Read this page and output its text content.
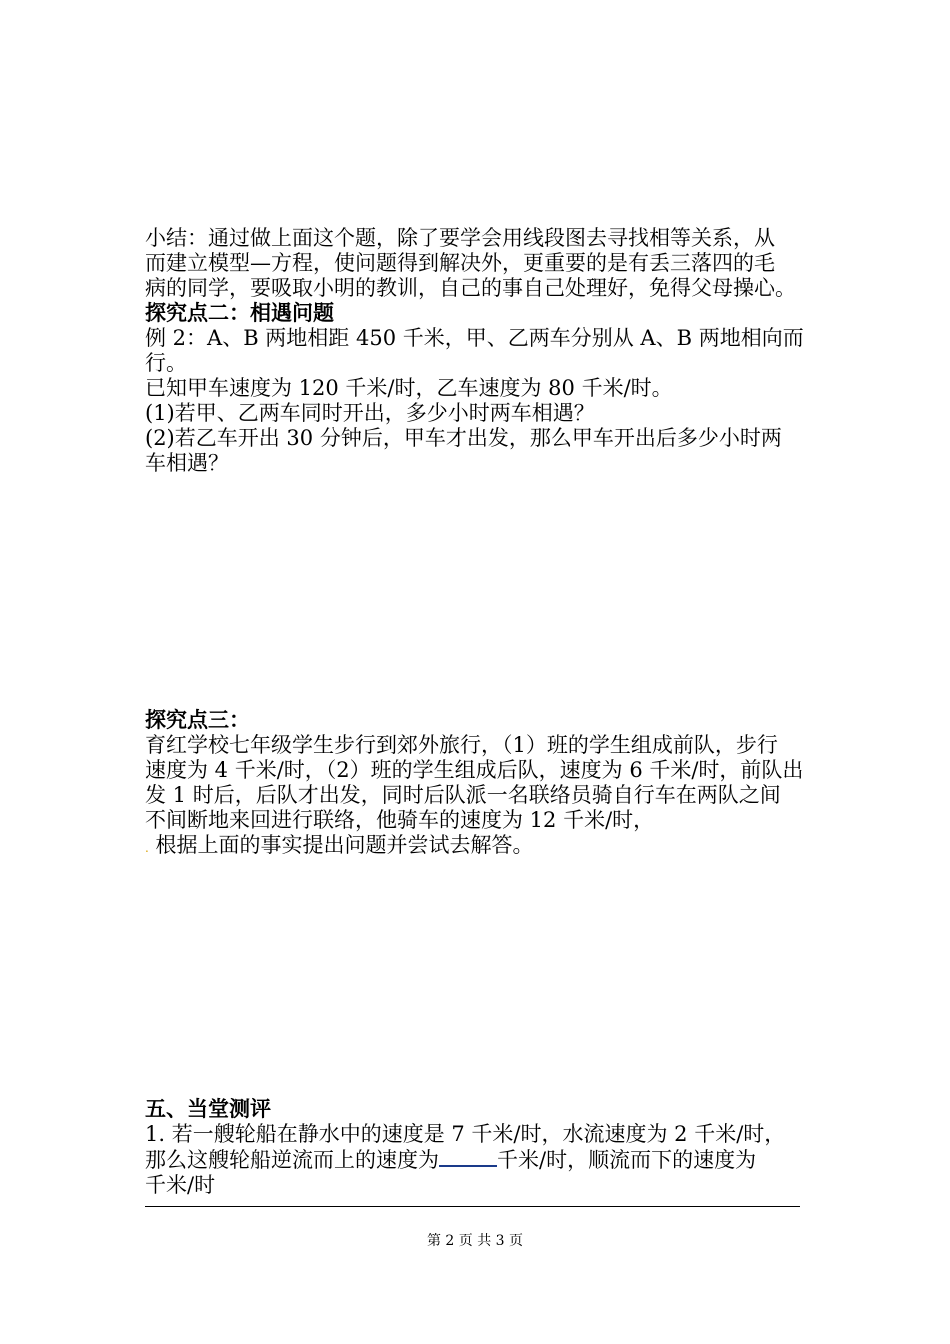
小结：通过做上面这个题，除了要学会用线段图去寻找相等关系，从

而建立模型—方程，使问题得到解决外，更重要的是有丢三落四的毛

病的同学，要吸取小明的教训，自己的事自己处理好，免得父母操心。

探究点二：相遇问题

例 2：A、B 两地相距 450 千米，甲、乙两车分别从 A、B 两地相向而行。

已知甲车速度为 120 千米/时，乙车速度为 80 千米/时。

(1)若甲、乙两车同时开出，多少小时两车相遇？

(2)若乙车开出 30 分钟后，甲车才出发，那么甲车开出后多少小时两

车相遇？

探究点三：

育红学校七年级学生步行到郊外旅行，（1）班的学生组成前队，步行

速度为 4 千米/时，（2）班的学生组成后队，速度为 6 千米/时，前队出

发 1 时后，后队才出发，同时后队派一名联络员骑自行车在两队之间

不间断地来回进行联络，他骑车的速度为 12 千米/时，

. 根据上面的事实提出问题并尝试去解答。

五、当堂测评

1. 若一艘轮船在静水中的速度是 7 千米/时，水流速度为 2 千米/时，

那么这艘轮船逆流而上的速度为	千米/时，顺流而下的速度为

千米/时

第 2 页 共 3 页
